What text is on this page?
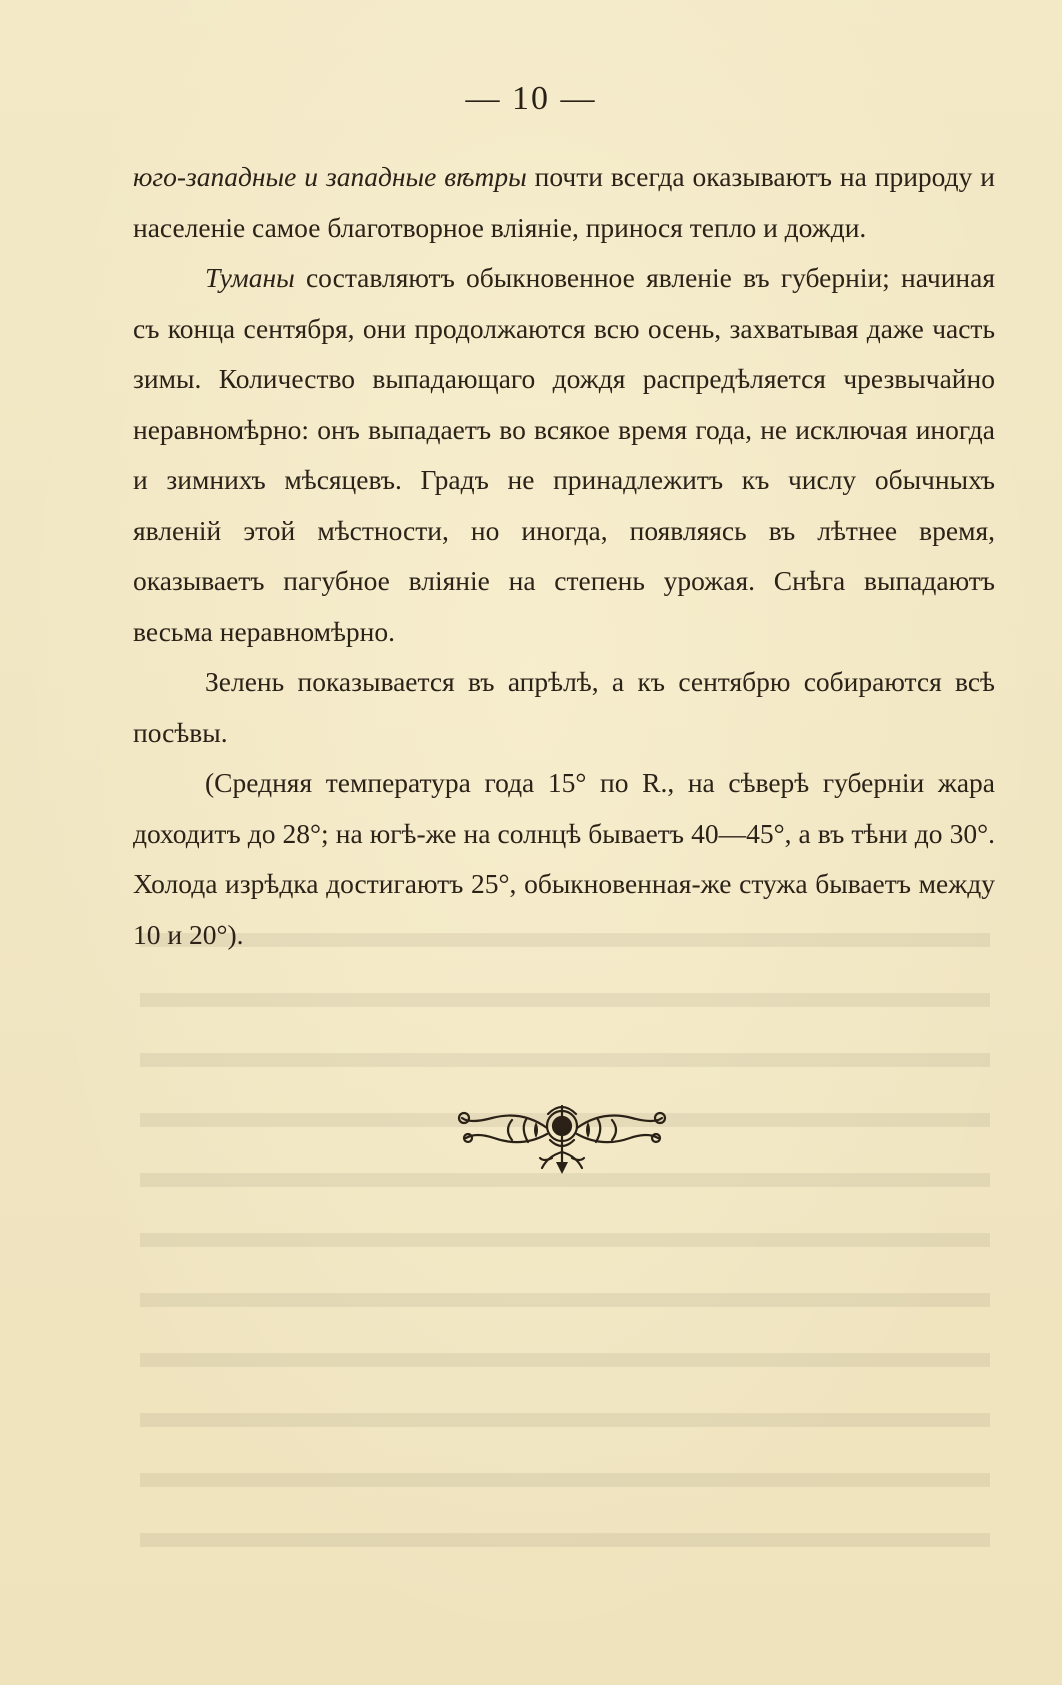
— 10 —

юго-западные и западные вѣтры почти всегда оказываютъ на природу и населеніе самое благотворное вліяніе, принося тепло и дожди.

Туманы составляютъ обыкновенное явленіе въ губерніи; начиная съ конца сентября, они продолжаются всю осень, захватывая даже часть зимы. Количество выпадающаго дождя распредѣляется чрезвычайно неравномѣрно: онъ выпадаетъ во всякое время года, не исключая иногда и зимнихъ мѣсяцевъ. Градъ не принадлежитъ къ числу обычныхъ явленій этой мѣстности, но иногда, появляясь въ лѣтнее время, оказываетъ пагубное вліяніе на степень урожая. Снѣга выпадаютъ весьма неравномѣрно.

Зелень показывается въ апрѣлѣ, а къ сентябрю собираются всѣ посѣвы.

(Средняя температура года 15° по R., на сѣверѣ губерніи жара доходитъ до 28°; на югѣ-же на солнцѣ бываетъ 40—45°, а въ тѣни до 30°. Холода изрѣдка достигаютъ 25°, обыкновенная-же стужа бываетъ между 10 и 20°).
